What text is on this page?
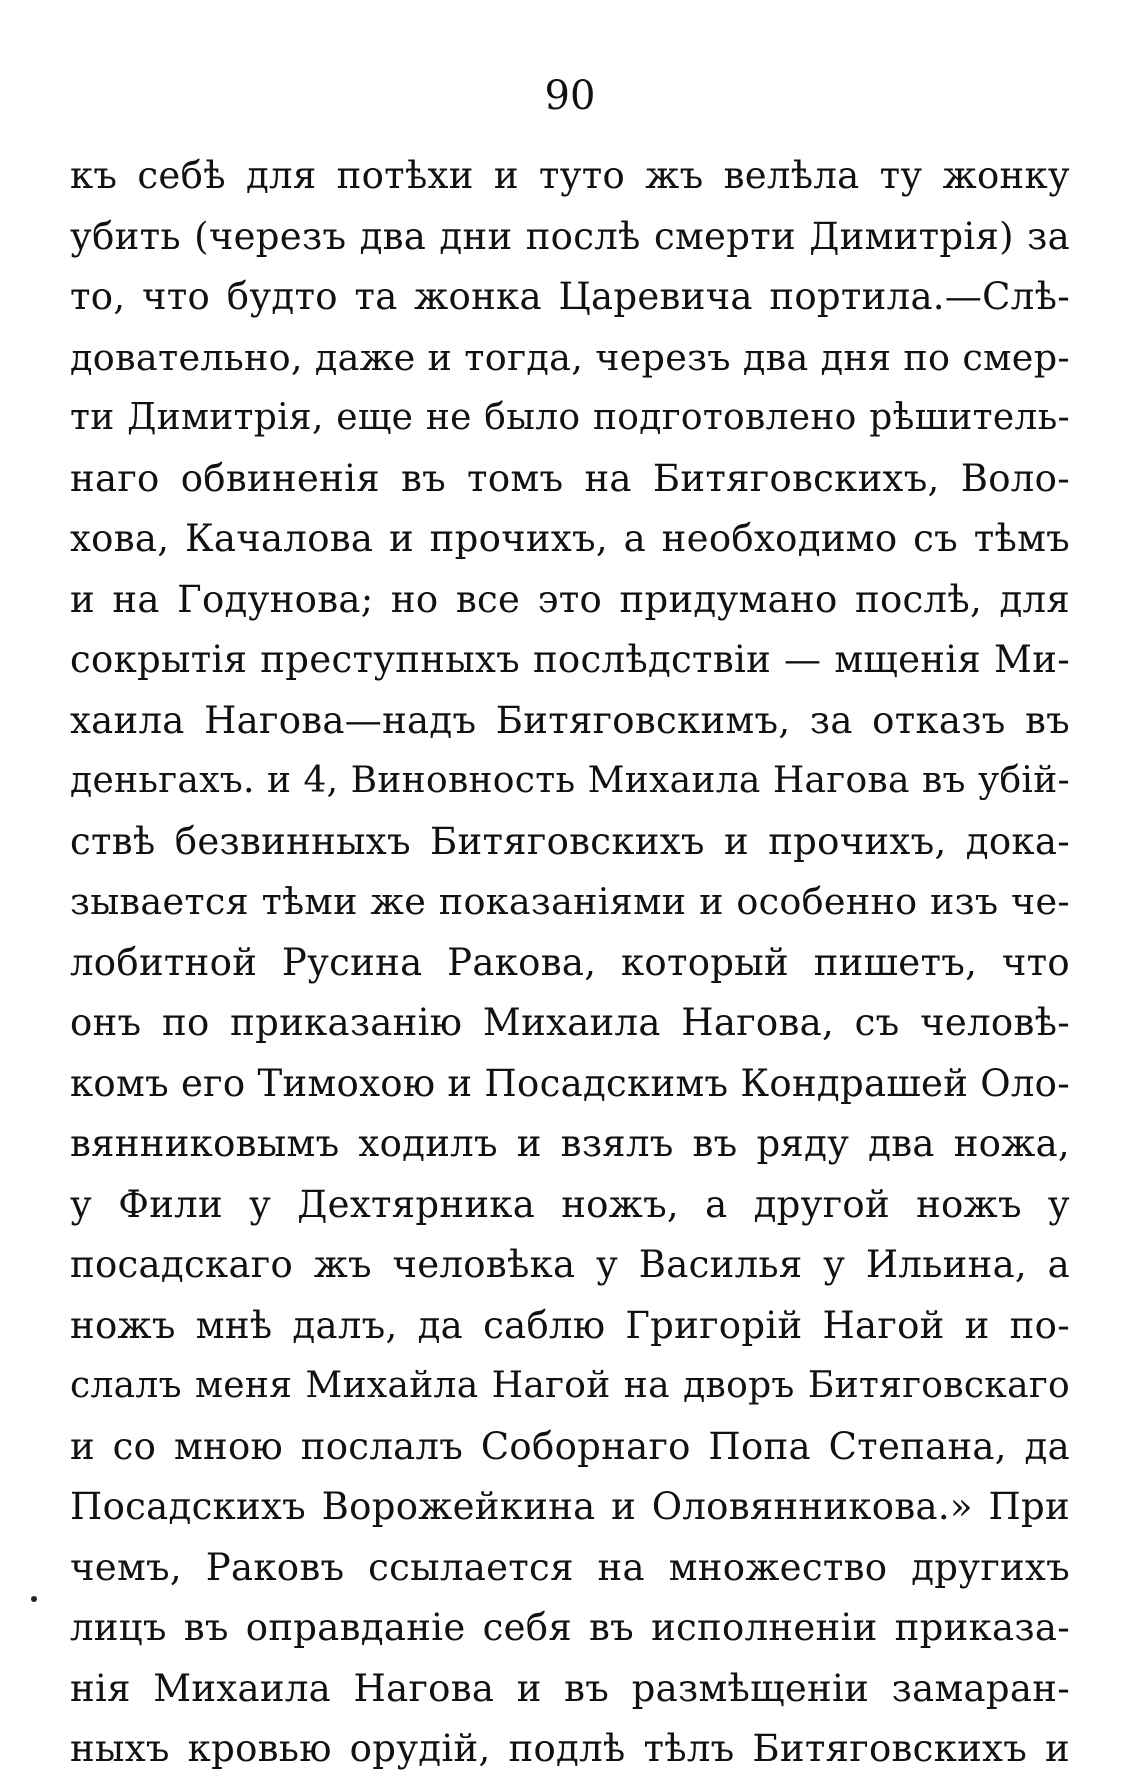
90
къ себѣ для потѣхи и туто жъ велѣла ту жонку
убить (черезъ два дни послѣ смерти Димитрія) за
то, что будто та жонка Царевича портила.—Слѣ-
довательно, даже и тогда, черезъ два дня по смер-
ти Димитрія, еще не было подготовлено рѣшитель-
наго обвиненія въ томъ на Битяговскихъ, Воло-
хова, Качалова и прочихъ, а необходимо съ тѣмъ
и на Годунова; но все это придумано послѣ, для
сокрытія преступныхъ послѣдствіи — мщенія Ми-
хаила Нагова—надъ Битяговскимъ, за отказъ въ
деньгахъ. и 4, Виновность Михаила Нагова въ убій-
ствѣ безвинныхъ Битяговскихъ и прочихъ, дока-
зывается тѣми же показаніями и особенно изъ че-
лобитной Русина Ракова, который пишетъ, что
онъ по приказанію Михаила Нагова, съ человѣ-
комъ его Тимохою и Посадскимъ Кондрашей Оло-
вянниковымъ ходилъ и взялъ въ ряду два ножа,
у Фили у Дехтярника ножъ, а другой ножъ у
посадскаго жъ человѣка у Василья у Ильина, а
ножъ мнѣ далъ, да саблю Григорій Нагой и по-
слалъ меня Михайла Нагой на дворъ Битяговскаго
и со мною послалъ Соборнаго Попа Степана, да
Посадскихъ Ворожейкина и Оловянникова.» При
чемъ, Раковъ ссылается на множество другихъ
лицъ въ оправданіе себя въ исполненіи приказа-
нія Михаила Нагова и въ размѣщеніи замаран-
ныхъ кровью орудій, подлѣ тѣлъ Битяговскихъ и
